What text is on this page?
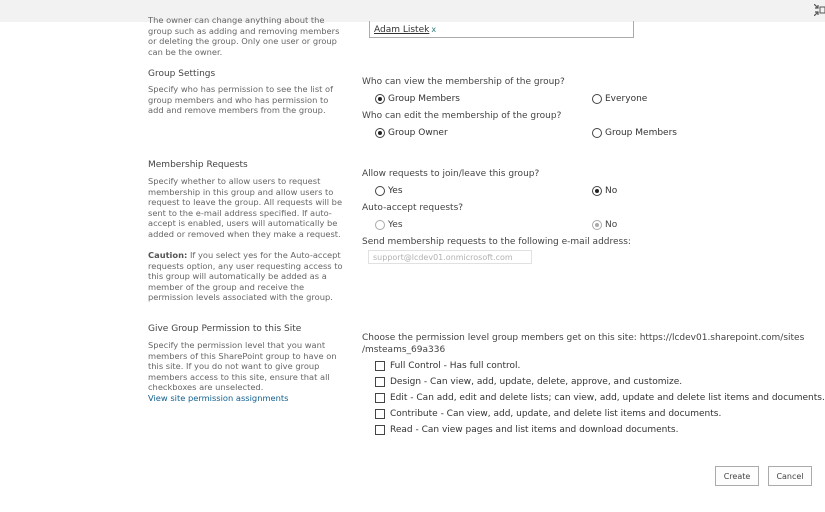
The owner can change anything about the group such as adding and removing members or deleting the group. Only one user or group can be the owner.
Adam Listek x
Group Settings
Specify who has permission to see the list of group members and who has permission to add and remove members from the group.
Who can view the membership of the group?
Group Members	Everyone
Who can edit the membership of the group?
Group Owner	Group Members
Membership Requests
Specify whether to allow users to request membership in this group and allow users to request to leave the group. All requests will be sent to the e-mail address specified. If auto-accept is enabled, users will automatically be added or removed when they make a request.
Caution: If you select yes for the Auto-accept requests option, any user requesting access to this group will automatically be added as a member of the group and receive the permission levels associated with the group.
Allow requests to join/leave this group?
Yes	No
Auto-accept requests?
Yes	No
Send membership requests to the following e-mail address:
support@lcdev01.onmicrosoft.com
Give Group Permission to this Site
Specify the permission level that you want members of this SharePoint group to have on this site. If you do not want to give group members access to this site, ensure that all checkboxes are unselected.
View site permission assignments
Choose the permission level group members get on this site: https://lcdev01.sharepoint.com/sites
/msteams_69a336
Full Control - Has full control.
Design - Can view, add, update, delete, approve, and customize.
Edit - Can add, edit and delete lists; can view, add, update and delete list items and documents.
Contribute - Can view, add, update, and delete list items and documents.
Read - Can view pages and list items and download documents.
Create	Cancel
